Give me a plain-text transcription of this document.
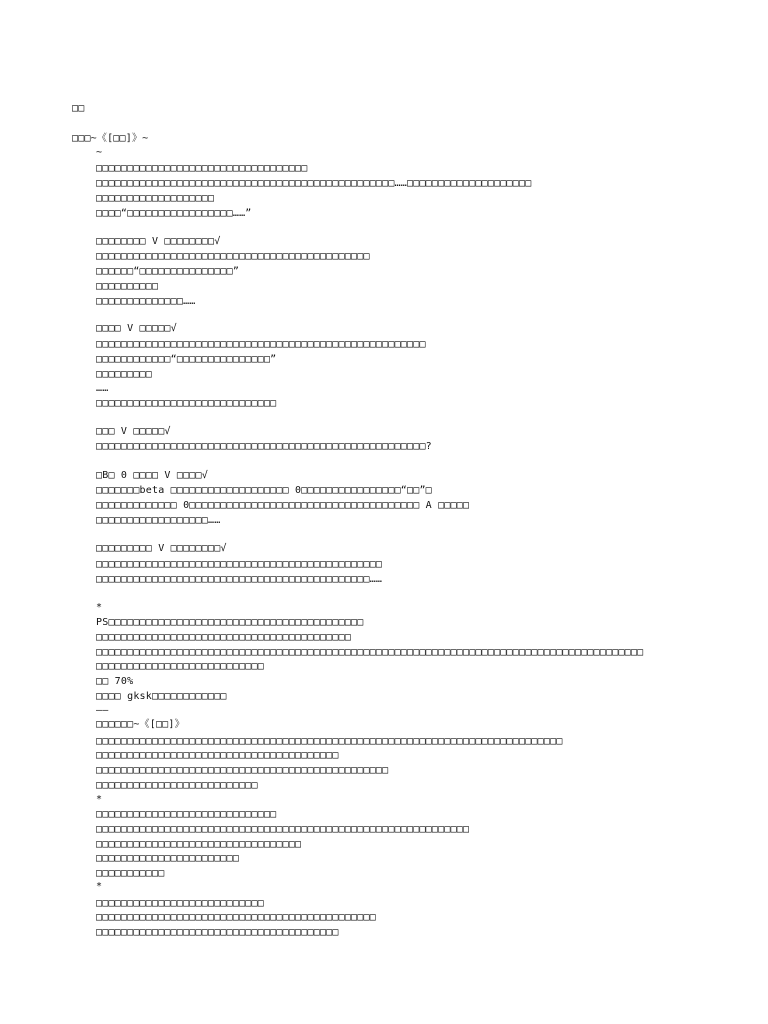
□□
□□□~《[□□]》~
~
□□□□□□□□□□□□□□□□□□□□□□□□□□□□□□□□□□
□□□□□□□□□□□□□□□□□□□□□□□□□□□□□□□□□□□□□□□□□□□□□□□□……□□□□□□□□□□□□□□□□□□□□
□□□□□□□□□□□□□□□□□□□
□□□□“□□□□□□□□□□□□□□□□□……”
□□□□□□□□ V □□□□□□□□√
□□□□□□□□□□□□□□□□□□□□□□□□□□□□□□□□□□□□□□□□□□□□
□□□□□□“□□□□□□□□□□□□□□□”
□□□□□□□□□□
□□□□□□□□□□□□□□……
□□□□ V □□□□□√
□□□□□□□□□□□□□□□□□□□□□□□□□□□□□□□□□□□□□□□□□□□□□□□□□□□□□
□□□□□□□□□□□□“□□□□□□□□□□□□□□□”
□□□□□□□□□
……
□□□□□□□□□□□□□□□□□□□□□□□□□□□□□
□□□ V □□□□□√
□□□□□□□□□□□□□□□□□□□□□□□□□□□□□□□□□□□□□□□□□□□□□□□□□□□□□?
□B□ 0 □□□□ V □□□□√
□□□□□□□beta □□□□□□□□□□□□□□□□□□□ 0□□□□□□□□□□□□□□□□“□□”□
□□□□□□□□□□□□□ 0□□□□□□□□□□□□□□□□□□□□□□□□□□□□□□□□□□□□□ A □□□□□
□□□□□□□□□□□□□□□□□□……
□□□□□□□□□ V □□□□□□□□√
□□□□□□□□□□□□□□□□□□□□□□□□□□□□□□□□□□□□□□□□□□□□□□
□□□□□□□□□□□□□□□□□□□□□□□□□□□□□□□□□□□□□□□□□□□□……
*
PS□□□□□□□□□□□□□□□□□□□□□□□□□□□□□□□□□□□□□□□□□
□□□□□□□□□□□□□□□□□□□□□□□□□□□□□□□□□□□□□□□□□
□□□□□□□□□□□□□□□□□□□□□□□□□□□□□□□□□□□□□□□□□□□□□□□□□□□□□□□□□□□□□□□□□□□□□□□□□□□□□□□□□□□□□□□□
□□□□□□□□□□□□□□□□□□□□□□□□□□□
□□ 70%
□□□□ gksk□□□□□□□□□□□□
——
□□□□□□~《[□□]》
□□□□□□□□□□□□□□□□□□□□□□□□□□□□□□□□□□□□□□□□□□□□□□□□□□□□□□□□□□□□□□□□□□□□□□□□□□□
□□□□□□□□□□□□□□□□□□□□□□□□□□□□□□□□□□□□□□□
□□□□□□□□□□□□□□□□□□□□□□□□□□□□□□□□□□□□□□□□□□□□□□□
□□□□□□□□□□□□□□□□□□□□□□□□□□
*
□□□□□□□□□□□□□□□□□□□□□□□□□□□□□
□□□□□□□□□□□□□□□□□□□□□□□□□□□□□□□□□□□□□□□□□□□□□□□□□□□□□□□□□□□□
□□□□□□□□□□□□□□□□□□□□□□□□□□□□□□□□□
□□□□□□□□□□□□□□□□□□□□□□□
□□□□□□□□□□□
*
□□□□□□□□□□□□□□□□□□□□□□□□□□□
□□□□□□□□□□□□□□□□□□□□□□□□□□□□□□□□□□□□□□□□□□□□□
□□□□□□□□□□□□□□□□□□□□□□□□□□□□□□□□□□□□□□□
